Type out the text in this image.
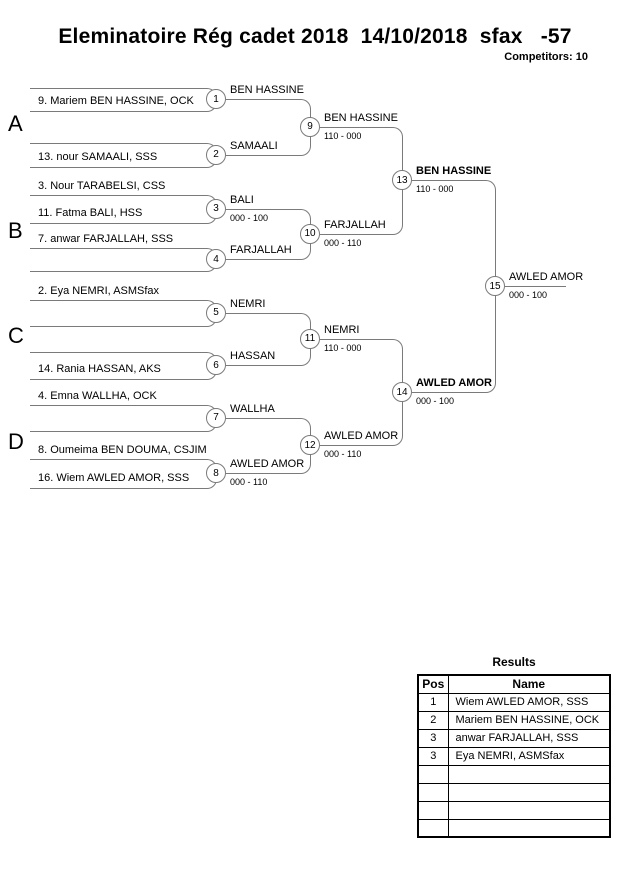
Eleminatoire Rég cadet 2018  14/10/2018  sfax   -57
Competitors: 10
9. Mariem BEN HASSINE, OCK
13. nour SAMAALI, SSS
3. Nour TARABELSI, CSS
11. Fatma BALI, HSS
7. anwar FARJALLAH, SSS
2. Eya NEMRI, ASMSfax
14. Rania HASSAN, AKS
4. Emna WALLHA, OCK
8. Oumeima BEN DOUMA, CSJIM
16. Wiem AWLED AMOR, SSS
1
BEN HASSINE
2
SAMAALI
3
BALI
000 - 100
4
FARJALLAH
5
NEMRI
6
HASSAN
7
WALLHA
8
AWLED AMOR
000 - 110
9
BEN HASSINE
110 - 000
10
FARJALLAH
000 - 110
11
NEMRI
110 - 000
12
AWLED AMOR
000 - 110
13
BEN HASSINE
110 - 000
14
AWLED AMOR
000 - 100
15
AWLED AMOR
000 - 100
A
B
C
D
Results
Pos	Name
1	Wiem AWLED AMOR, SSS
2	Mariem BEN HASSINE, OCK
3	anwar FARJALLAH, SSS
3	Eya NEMRI, ASMSfax
